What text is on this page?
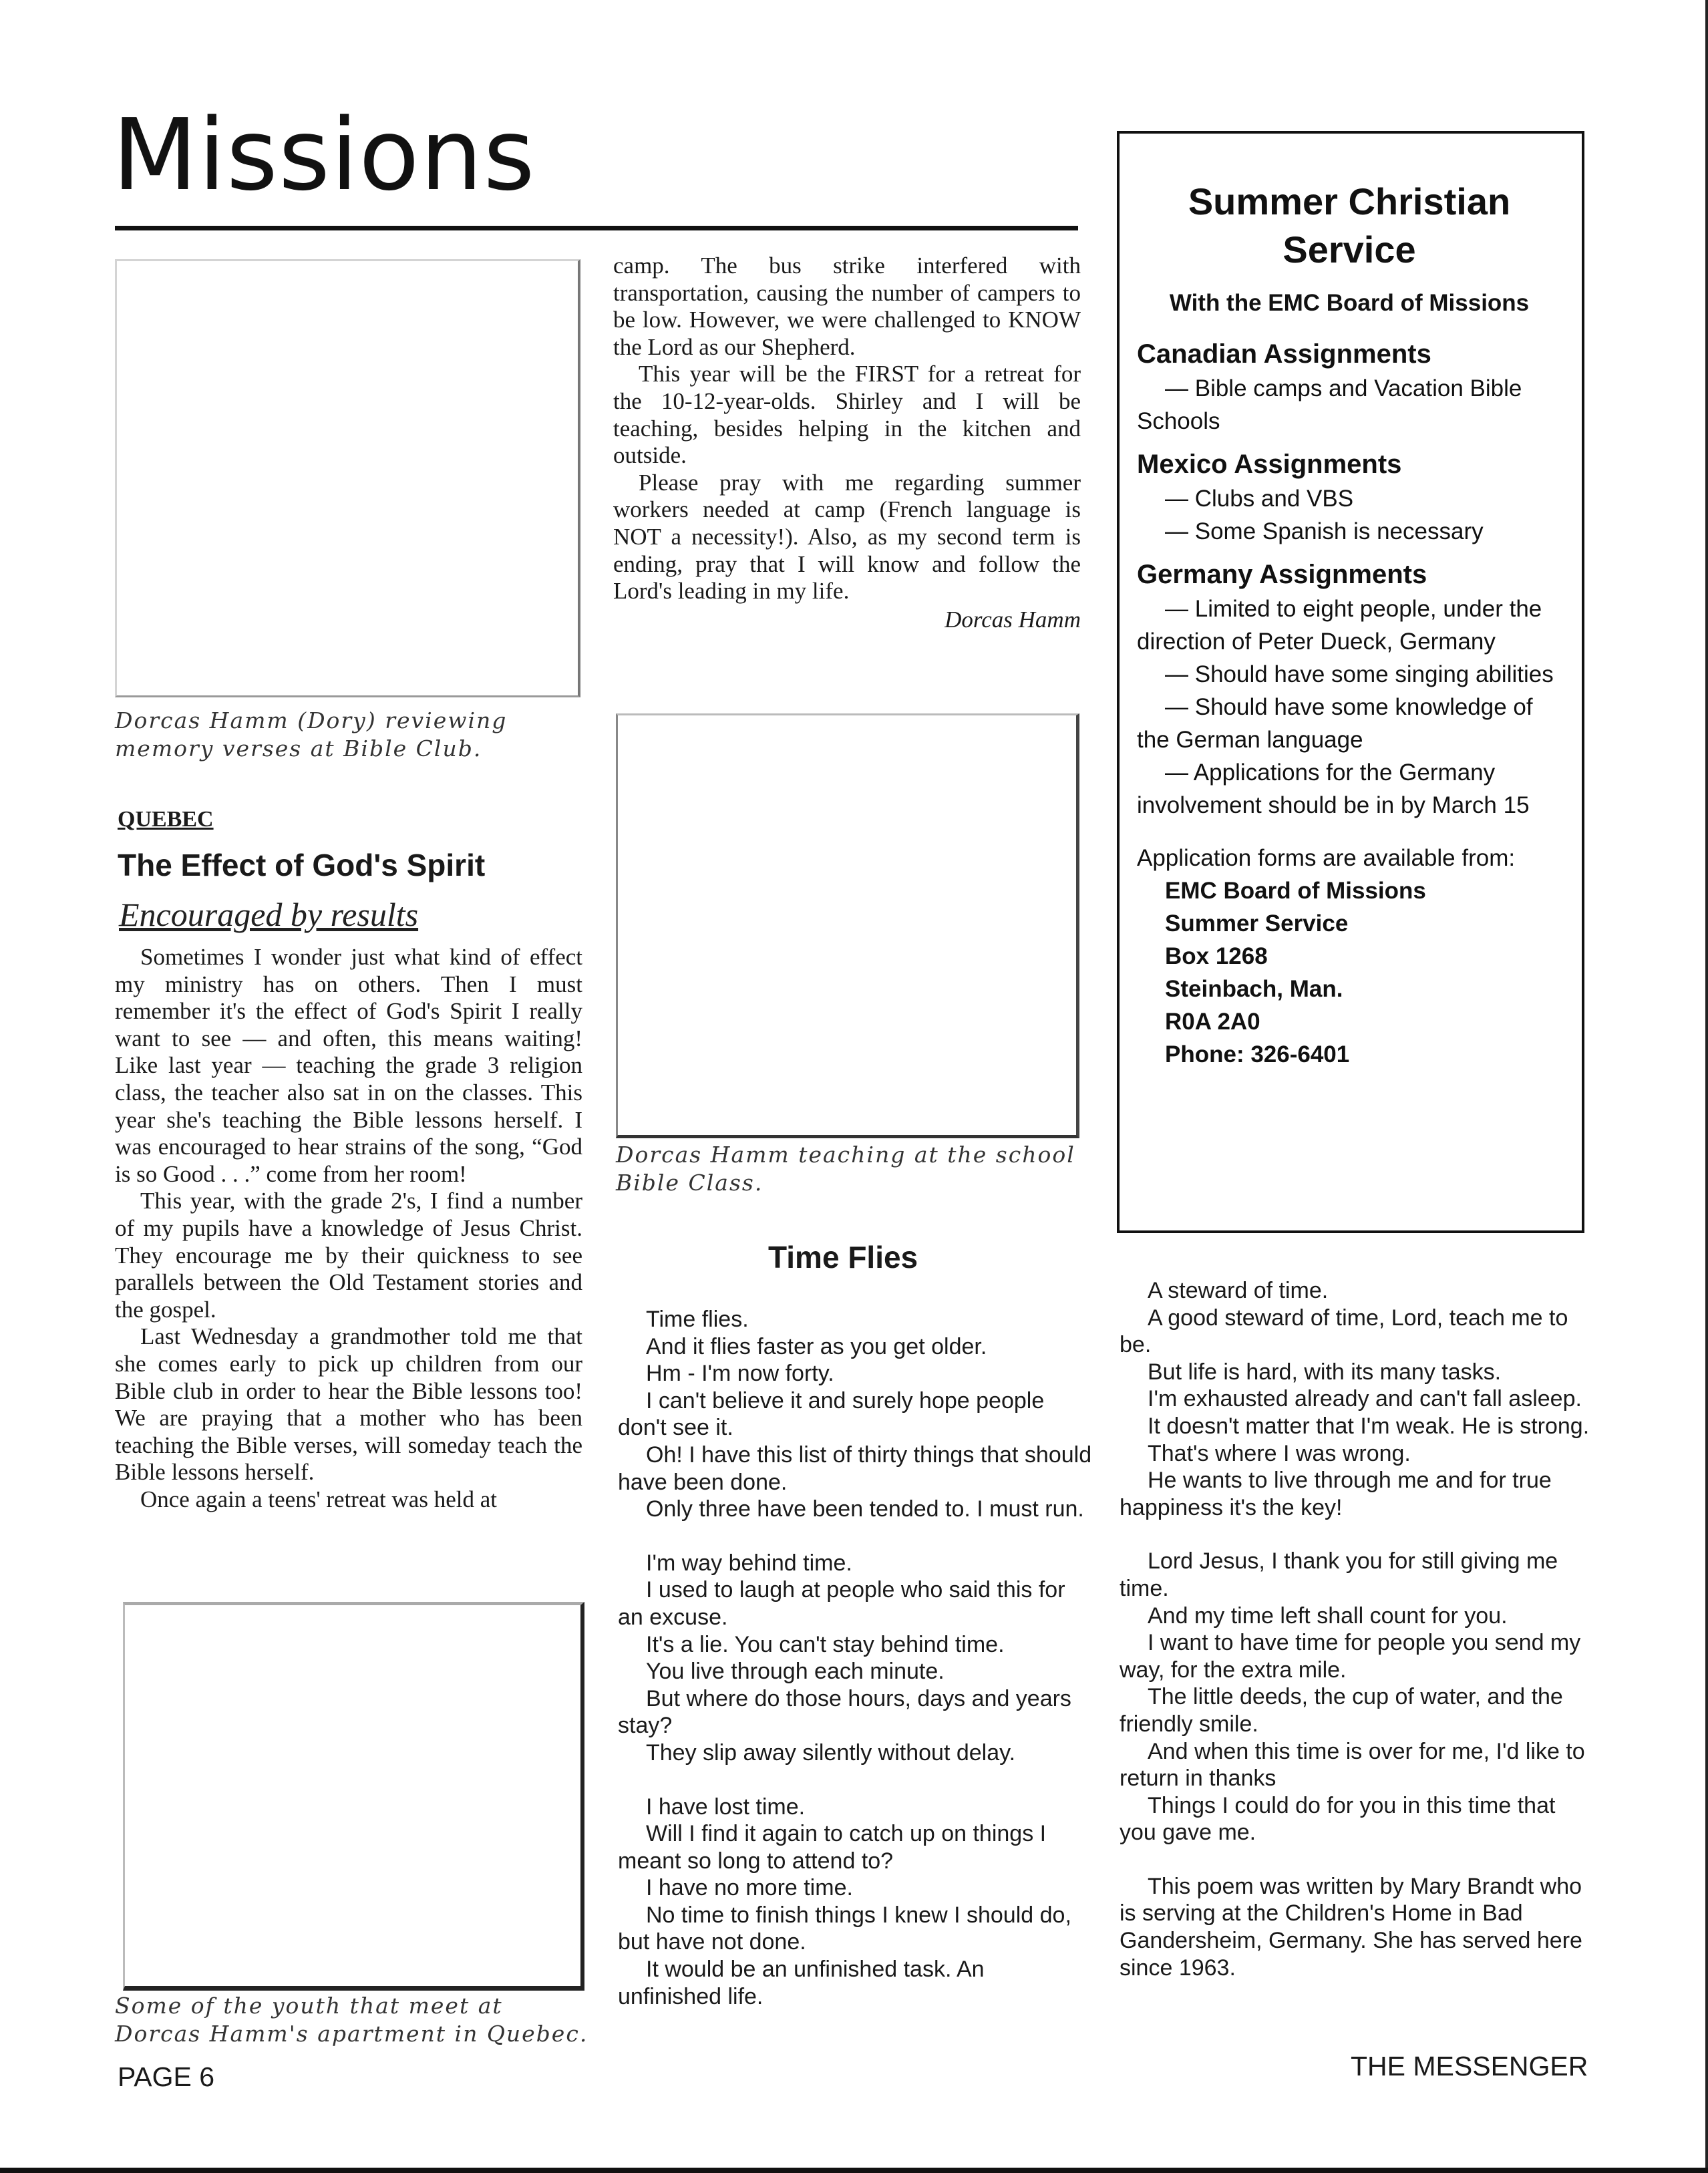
Missions

Dorcas Hamm (Dory) reviewing memory verses at Bible Club.

QUEBEC

The Effect of God's Spirit

Encouraged by results

Sometimes I wonder just what kind of effect my ministry has on others. Then I must remember it's the effect of God's Spirit I really want to see — and often, this means waiting! Like last year — teaching the grade 3 religion class, the teacher also sat in on the classes. This year she's teaching the Bible lessons herself. I was encouraged to hear strains of the song, “God is so Good . . .” come from her room!

This year, with the grade 2's, I find a number of my pupils have a knowledge of Jesus Christ. They encourage me by their quickness to see parallels between the Old Testament stories and the gospel.

Last Wednesday a grandmother told me that she comes early to pick up children from our Bible club in order to hear the Bible lessons too! We are praying that a mother who has been teaching the Bible verses, will someday teach the Bible lessons herself.

Once again a teens' retreat was held at

Some of the youth that meet at Dorcas Hamm's apartment in Quebec.

camp. The bus strike interfered with transportation, causing the number of campers to be low. However, we were challenged to KNOW the Lord as our Shepherd.

This year will be the FIRST for a retreat for the 10-12-year-olds. Shirley and I will be teaching, besides helping in the kitchen and outside.

Please pray with me regarding summer workers needed at camp (French language is NOT a necessity!). Also, as my second term is ending, pray that I will know and follow the Lord's leading in my life.

Dorcas Hamm

Dorcas Hamm teaching at the school Bible Class.

Summer Christian Service

With the EMC Board of Missions

Canadian Assignments

— Bible camps and Vacation Bible Schools

Mexico Assignments

— Clubs and VBS

— Some Spanish is necessary

Germany Assignments

— Limited to eight people, under the direction of Peter Dueck, Germany

— Should have some singing abilities

— Should have some knowledge of the German language

— Applications for the Germany involvement should be in by March 15

Application forms are available from:

EMC Board of Missions

Summer Service

Box 1268

Steinbach, Man.

R0A 2A0

Phone: 326-6401

Time Flies

Time flies.

And it flies faster as you get older.

Hm - I'm now forty.

I can't believe it and surely hope people don't see it.

Oh! I have this list of thirty things that should have been done.

Only three have been tended to. I must run.

I'm way behind time.

I used to laugh at people who said this for an excuse.

It's a lie. You can't stay behind time.

You live through each minute.

But where do those hours, days and years stay?

They slip away silently without delay.

I have lost time.

Will I find it again to catch up on things I meant so long to attend to?

I have no more time.

No time to finish things I knew I should do, but have not done.

It would be an unfinished task. An unfinished life.

A steward of time.

A good steward of time, Lord, teach me to be.

But life is hard, with its many tasks.

I'm exhausted already and can't fall asleep.

It doesn't matter that I'm weak. He is strong.

That's where I was wrong.

He wants to live through me and for true happiness it's the key!

Lord Jesus, I thank you for still giving me time.

And my time left shall count for you.

I want to have time for people you send my way, for the extra mile.

The little deeds, the cup of water, and the friendly smile.

And when this time is over for me, I'd like to return in thanks

Things I could do for you in this time that you gave me.

This poem was written by Mary Brandt who is serving at the Children's Home in Bad Gandersheim, Germany. She has served here since 1963.

PAGE 6	THE MESSENGER
